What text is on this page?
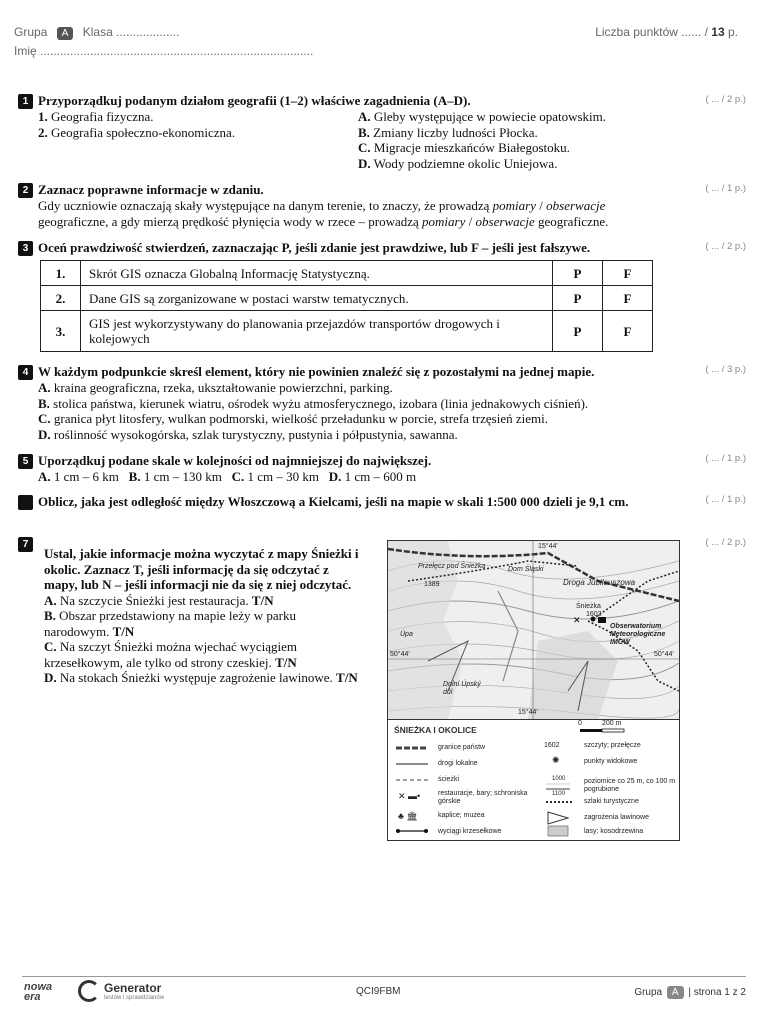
Grupa A Klasa ...................	Liczba punktów ...... / 13 p.
Imię ..................................................................................
1 Przyporządkuj podanym działom geografii (1–2) właściwe zagadnienia (A–D).
1. Geografia fizyczna.
2. Geografia społeczno-ekonomiczna.
A. Gleby występujące w powiecie opatowskim.
B. Zmiany liczby ludności Płocka.
C. Migracje mieszkańców Białegostoku.
D. Wody podziemne okolic Uniejowa.
( ... / 2 p.)
2 Zaznacz poprawne informacje w zdaniu.
Gdy uczniowie oznaczają skały występujące na danym terenie, to znaczy, że prowadzą pomiary / obserwacje geograficzne, a gdy mierzą prędkość płynięcia wody w rzece – prowadzą pomiary / obserwacje geograficzne.
( ... / 1 p.)
3 Oceń prawdziwość stwierdzeń, zaznaczając P, jeśli zdanie jest prawdziwe, lub F – jeśli jest fałszywe.
1.	Skrót GIS oznacza Globalną Informację Statystyczną.	P	F
2.	Dane GIS są zorganizowane w postaci warstw tematycznych.	P	F
3.	GIS jest wykorzystywany do planowania przejazdów transportów drogowych i kolejowych	P	F
( ... / 2 p.)
4 W każdym podpunkcie skreśl element, który nie powinien znaleźć się z pozostałymi na jednej mapie.
A. kraina geograficzna, rzeka, ukształtowanie powierzchni, parking.
B. stolica państwa, kierunek wiatru, ośrodek wyżu atmosferycznego, izobara (linia jednakowych ciśnień).
C. granica płyt litosfery, wulkan podmorski, wielkość przeładunku w porcie, strefa trzęsień ziemi.
D. roślinność wysokogórska, szlak turystyczny, pustynia i półpustynia, sawanna.
( ... / 3 p.)
5 Uporządkuj podane skale w kolejności od najmniejszej do największej.
A. 1 cm – 6 km B. 1 cm – 130 km C. 1 cm – 30 km D. 1 cm – 600 m
( ... / 1 p.)
6 Oblicz, jaka jest odległość między Włoszczową a Kielcami, jeśli na mapie w skali 1:500 000 dzieli je 9,1 cm.	( ... / 1 p.)
7
Ustal, jakie informacje można wyczytać z mapy Śnieżki i okolic. Zaznacz T, jeśli informację da się odczytać z mapy, lub N – jeśli informacji nie da się z niej odczytać.
A. Na szczycie Śnieżki jest restauracja. T/N
B. Obszar przedstawiony na mapie leży w parku narodowym. T/N
C. Na szczyt Śnieżki można wjechać wyciągiem krzesełkowym, ale tylko od strony czeskiej. T/N
D. Na stokach Śnieżki występuje zagrożenie lawinowe. T/N
( ... / 2 p.)
✕
Przełęcz pod Śnieżką
1389
Dom Śląski
Droga Jubileuszowa
Śnieżka
1602
Obserwatorium Meteorologiczne IMGW
Úpa
Dolní Úpský důl
50°44'	50°44'
15°44'
15°44'
ŚNIEŻKA I OKOLICE
0	200 m
granice państw
drogi lokalne
ścieżki
✕ ▬•	restauracje, bary; schroniska górskie
♣ 🏛	kaplice; muzea
wyciągi krzesełkowe
1602	szczyty; przełęcze
✺	punkty widokowe
1000
1100
poziomice co 25 m, co 100 m pogrubione
szlaki turystyczne
zagrożenia lawinowe
lasy; kosodrzewina
nowa era
Generator
testów i sprawdzianów
QCI9FBM	Grupa A | strona 1 z 2
